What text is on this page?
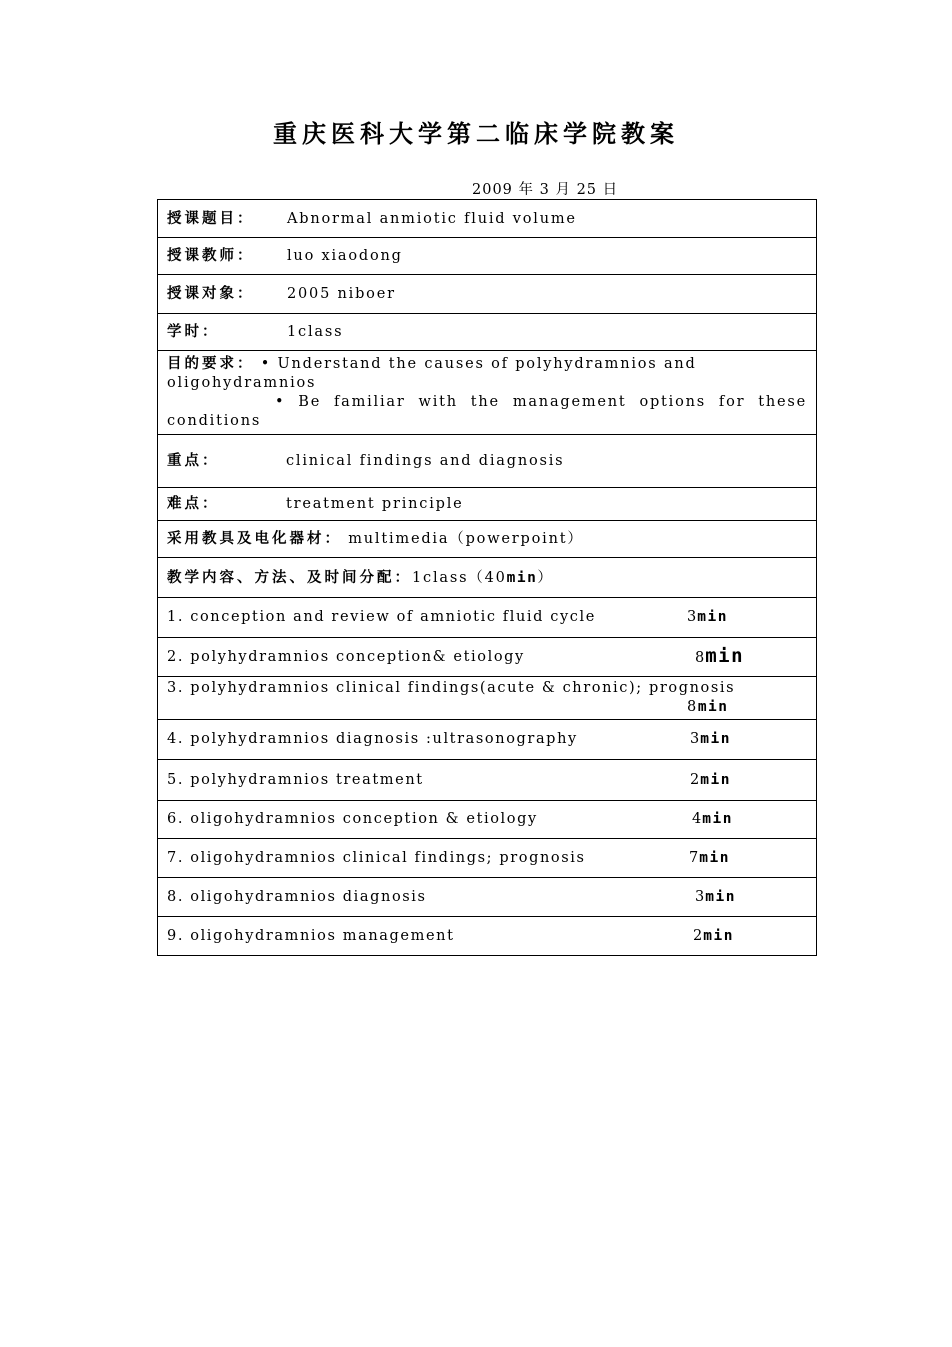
重庆医科大学第二临床学院教案
2009 年 3 月 25 日
授课题目： Abnormal anmiotic fluid volume
授课教师： luo xiaodong
授课对象： 2005 niboer
学时：	1class

目的要求： • Understand the causes of polyhydramnios and
oligohydramnios
• Be familiar with the management options for these
conditions

重点：	clinical findings and diagnosis
难点：	treatment principle
采用教具及电化器材： multimedia（powerpoint）
教学内容、方法、及时间分配：1class（40min）

1. conception and review of amniotic fluid cycle	3min

2. polyhydramnios conception& etiology	8min

3. polyhydramnios clinical findings(acute & chronic); prognosis
8min

4. polyhydramnios diagnosis :ultrasonography	3min

5. polyhydramnios treatment	2min

6. oligohydramnios conception & etiology	4min

7. oligohydramnios clinical findings; prognosis	7min

8. oligohydramnios diagnosis	3min

9. oligohydramnios management	2min
